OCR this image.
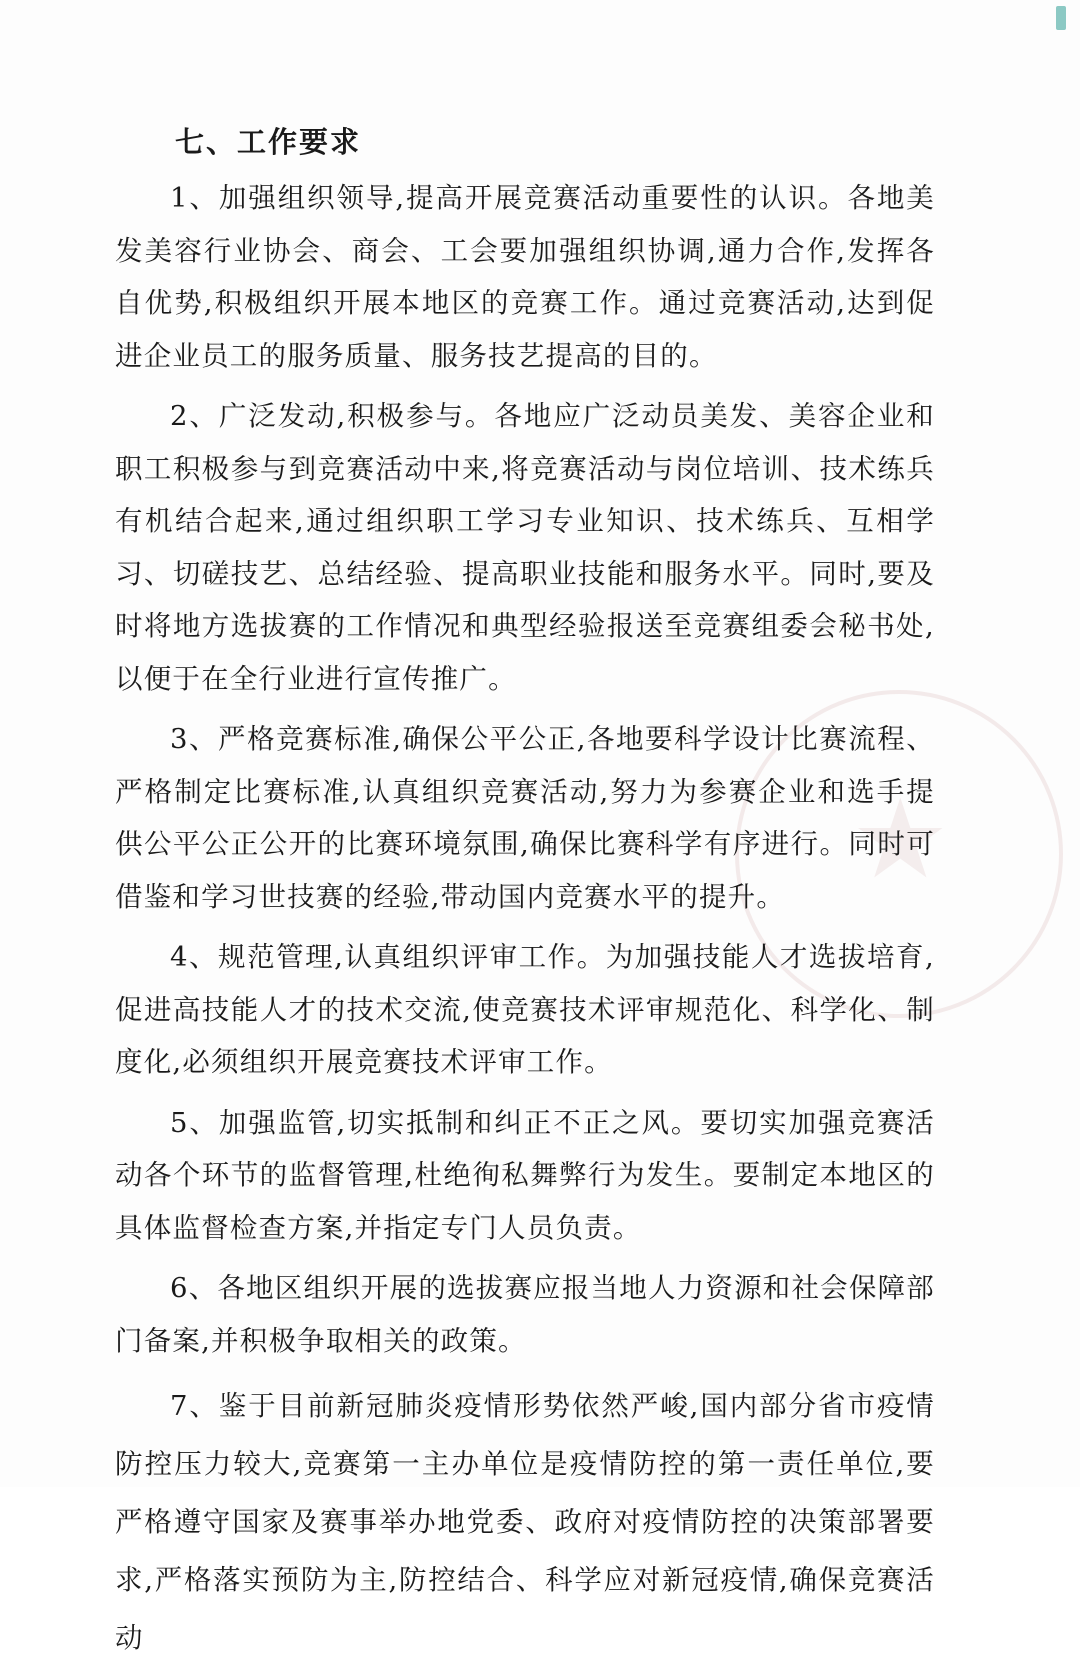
★

七、工作要求

1、加强组织领导,提高开展竞赛活动重要性的认识。各地美发美容行业协会、商会、工会要加强组织协调,通力合作,发挥各自优势,积极组织开展本地区的竞赛工作。通过竞赛活动,达到促进企业员工的服务质量、服务技艺提高的目的。

2、广泛发动,积极参与。各地应广泛动员美发、美容企业和职工积极参与到竞赛活动中来,将竞赛活动与岗位培训、技术练兵有机结合起来,通过组织职工学习专业知识、技术练兵、互相学习、切磋技艺、总结经验、提高职业技能和服务水平。同时,要及时将地方选拔赛的工作情况和典型经验报送至竞赛组委会秘书处,以便于在全行业进行宣传推广。

3、严格竞赛标准,确保公平公正,各地要科学设计比赛流程、严格制定比赛标准,认真组织竞赛活动,努力为参赛企业和选手提供公平公正公开的比赛环境氛围,确保比赛科学有序进行。同时可借鉴和学习世技赛的经验,带动国内竞赛水平的提升。

4、规范管理,认真组织评审工作。为加强技能人才选拔培育,促进高技能人才的技术交流,使竞赛技术评审规范化、科学化、制度化,必须组织开展竞赛技术评审工作。

5、加强监管,切实抵制和纠正不正之风。要切实加强竞赛活动各个环节的监督管理,杜绝徇私舞弊行为发生。要制定本地区的具体监督检查方案,并指定专门人员负责。

6、各地区组织开展的选拔赛应报当地人力资源和社会保障部门备案,并积极争取相关的政策。

7、鉴于目前新冠肺炎疫情形势依然严峻,国内部分省市疫情防控压力较大,竞赛第一主办单位是疫情防控的第一责任单位,要严格遵守国家及赛事举办地党委、政府对疫情防控的决策部署要求,严格落实预防为主,防控结合、科学应对新冠疫情,确保竞赛活动
